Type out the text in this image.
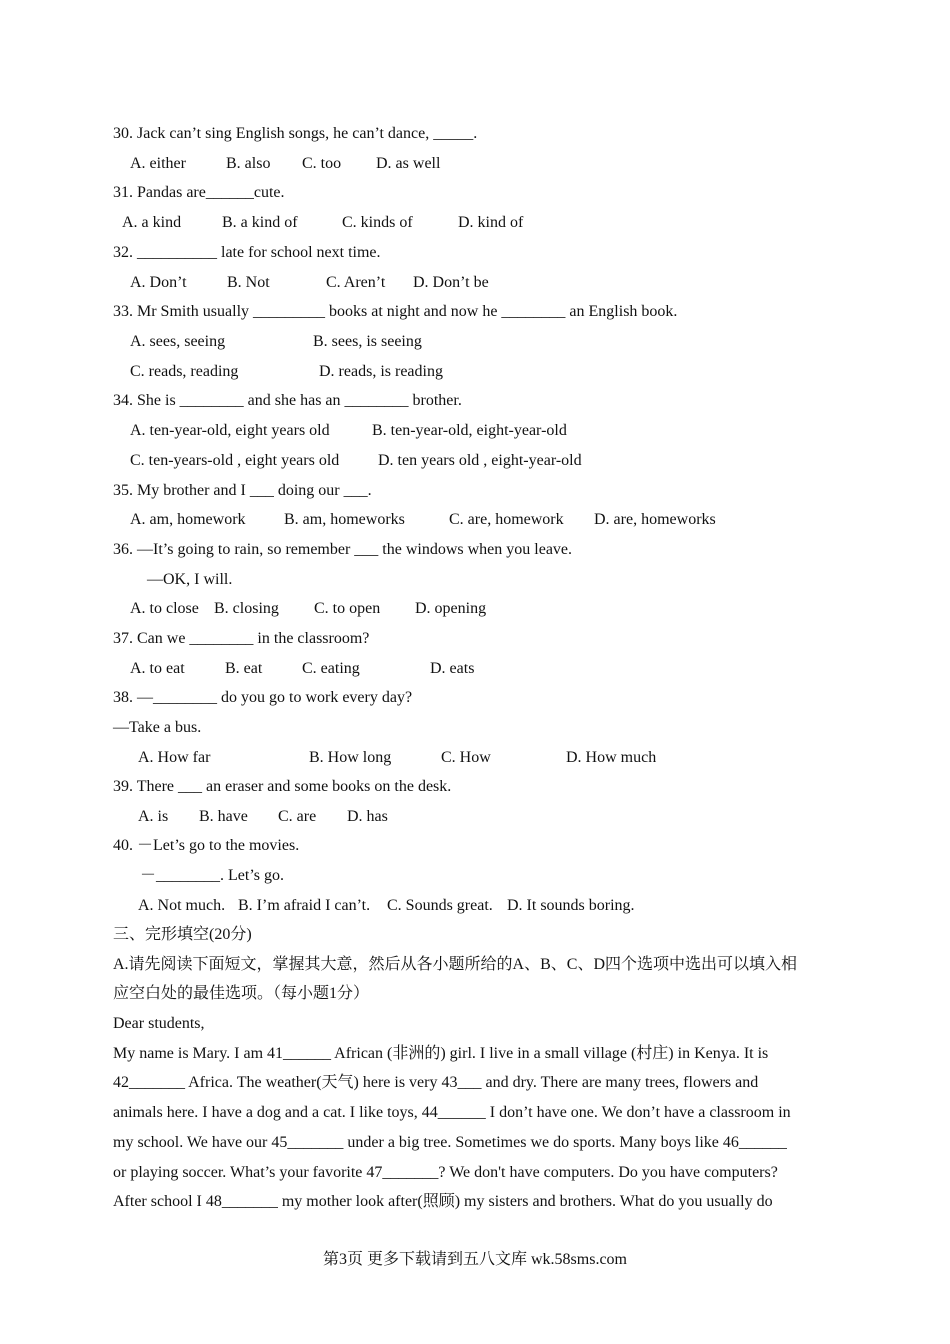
30. Jack can’t sing English songs, he can’t dance, _____.
A. either	B. also C. too D. as well
31. Pandas are______cute.
A. a kind	B. a kind of	C. kinds of	D. kind of
32. __________ late for school next time.
A. Don’t	B. Not	C. Aren’t D. Don’t be
33. Mr Smith usually _________ books at night and now he ________ an English book.
A. sees, seeing	B. sees, is seeing
C. reads, reading	D. reads, is reading
34. She is ________ and she has an ________ brother.
A. ten-year-old, eight years old	B. ten-year-old, eight-year-old
C. ten-years-old , eight years old D. ten years old , eight-year-old
35. My brother and I ___ doing our ___.
A. am, homework B. am, homeworks	C. are, homework D. are, homeworks
36. —It’s going to rain, so remember ___ the windows when you leave.
—OK, I will.
A. to close B. closing C. to open D. opening
37. Can we ________ in the classroom?
A. to eat	B. eat C. eating	D. eats
38. —________ do you go to work every day?
—Take a bus.
A. How far	B. How long	C. How	D. How much
39. There ___ an eraser and some books on the desk.
A. is B. have C. are D. has
40. －Let’s go to the movies.
－________. Let’s go.
A. Not much. B. I’m afraid I can’t. C. Sounds great. D. It sounds boring.
三、完形填空(20分)
A.请先阅读下面短文，掌握其大意，然后从各小题所给的A、B、C、D四个选项中选出可以填入相
应空白处的最佳选项。（每小题1分）
Dear students,
My name is Mary. I am 41______ African (非洲的) girl. I live in a small village (村庄) in Kenya. It is
42_______ Africa. The weather(天气) here is very 43___ and dry. There are many trees, flowers and
animals here. I have a dog and a cat. I like toys, 44______ I don’t have one. We don’t have a classroom in
my school. We have our 45_______ under a big tree. Sometimes we do sports. Many boys like 46______
or playing soccer. What’s your favorite 47_______? We don't have computers. Do you have computers?
After school I 48_______ my mother look after(照顾) my sisters and brothers. What do you usually do
第3页 更多下载请到五八文库 wk.58sms.com
